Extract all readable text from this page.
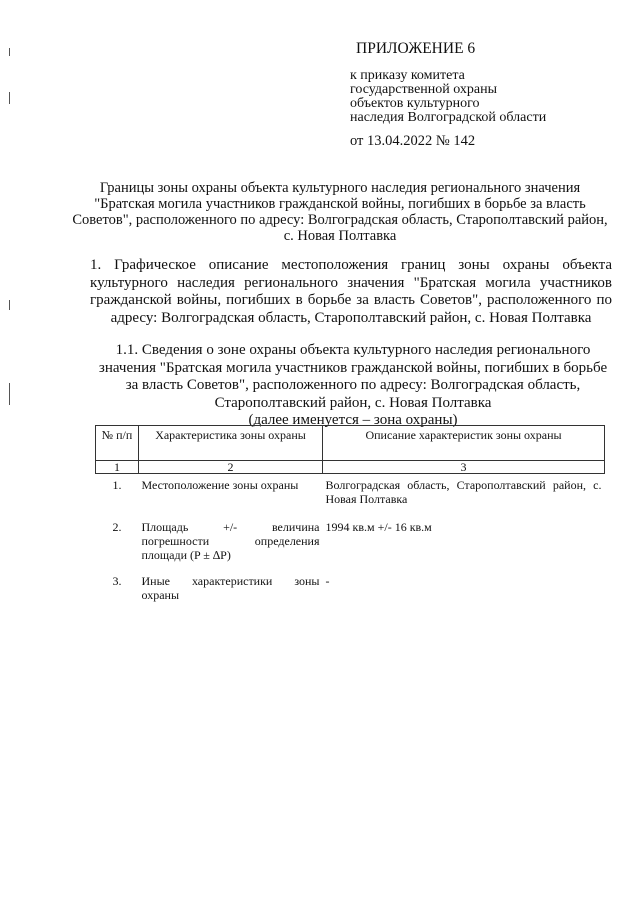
ПРИЛОЖЕНИЕ 6
к приказу комитета
государственной охраны
объектов культурного
наследия Волгоградской области
от 13.04.2022 № 142
Границы зоны охраны объекта культурного наследия регионального значения "Братская могила участников гражданской войны, погибших в борьбе за власть Советов", расположенного по адресу: Волгоградская область, Старополтавский район, с. Новая Полтавка
1. Графическое описание местоположения границ зоны охраны объекта культурного наследия регионального значения "Братская могила участников гражданской войны, погибших в борьбе за власть Советов", расположенного по адресу: Волгоградская область, Старополтавский район, с. Новая Полтавка
1.1. Сведения о зоне охраны объекта культурного наследия регионального значения "Братская могила участников гражданской войны, погибших в борьбе за власть Советов", расположенного по адресу: Волгоградская область, Старополтавский район, с. Новая Полтавка
(далее именуется – зона охраны)
№ п/п	Характеристика зоны охраны	Описание характеристик зоны охраны
1	2	3
1.	Местоположение зоны охраны	Волгоградская область, Старополтавский район, с. Новая Полтавка
2.	Площадь +/- величина погрешности определения площади (P ± ∆P)	1994 кв.м +/- 16 кв.м
3.	Иные характеристики зоны охраны	-
